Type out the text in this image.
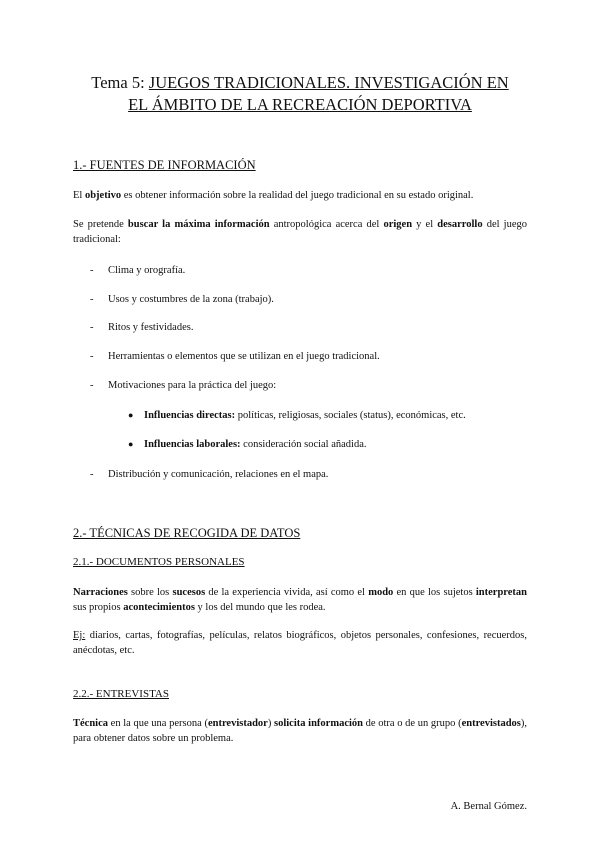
Tema 5: JUEGOS TRADICIONALES. INVESTIGACIÓN EN
EL ÁMBITO DE LA RECREACIÓN DEPORTIVA
1.- FUENTES DE INFORMACIÓN
El objetivo es obtener información sobre la realidad del juego tradicional en su estado original.
Se pretende buscar la máxima información antropológica acerca del origen y el desarrollo del juego tradicional:
- Clima y orografía.
- Usos y costumbres de la zona (trabajo).
- Ritos y festividades.
- Herramientas o elementos que se utilizan en el juego tradicional.
- Motivaciones para la práctica del juego:
● Influencias directas: políticas, religiosas, sociales (status), económicas, etc.
● Influencias laborales: consideración social añadida.
- Distribución y comunicación, relaciones en el mapa.
2.- TÉCNICAS DE RECOGIDA DE DATOS
2.1.- DOCUMENTOS PERSONALES
Narraciones sobre los sucesos de la experiencia vivida, así como el modo en que los sujetos interpretan sus propios acontecimientos y los del mundo que les rodea.
Ej: diarios, cartas, fotografías, películas, relatos biográficos, objetos personales, confesiones, recuerdos, anécdotas, etc.
2.2.- ENTREVISTAS
Técnica en la que una persona (entrevistador) solicita información de otra o de un grupo (entrevistados), para obtener datos sobre un problema.
A. Bernal Gómez.
